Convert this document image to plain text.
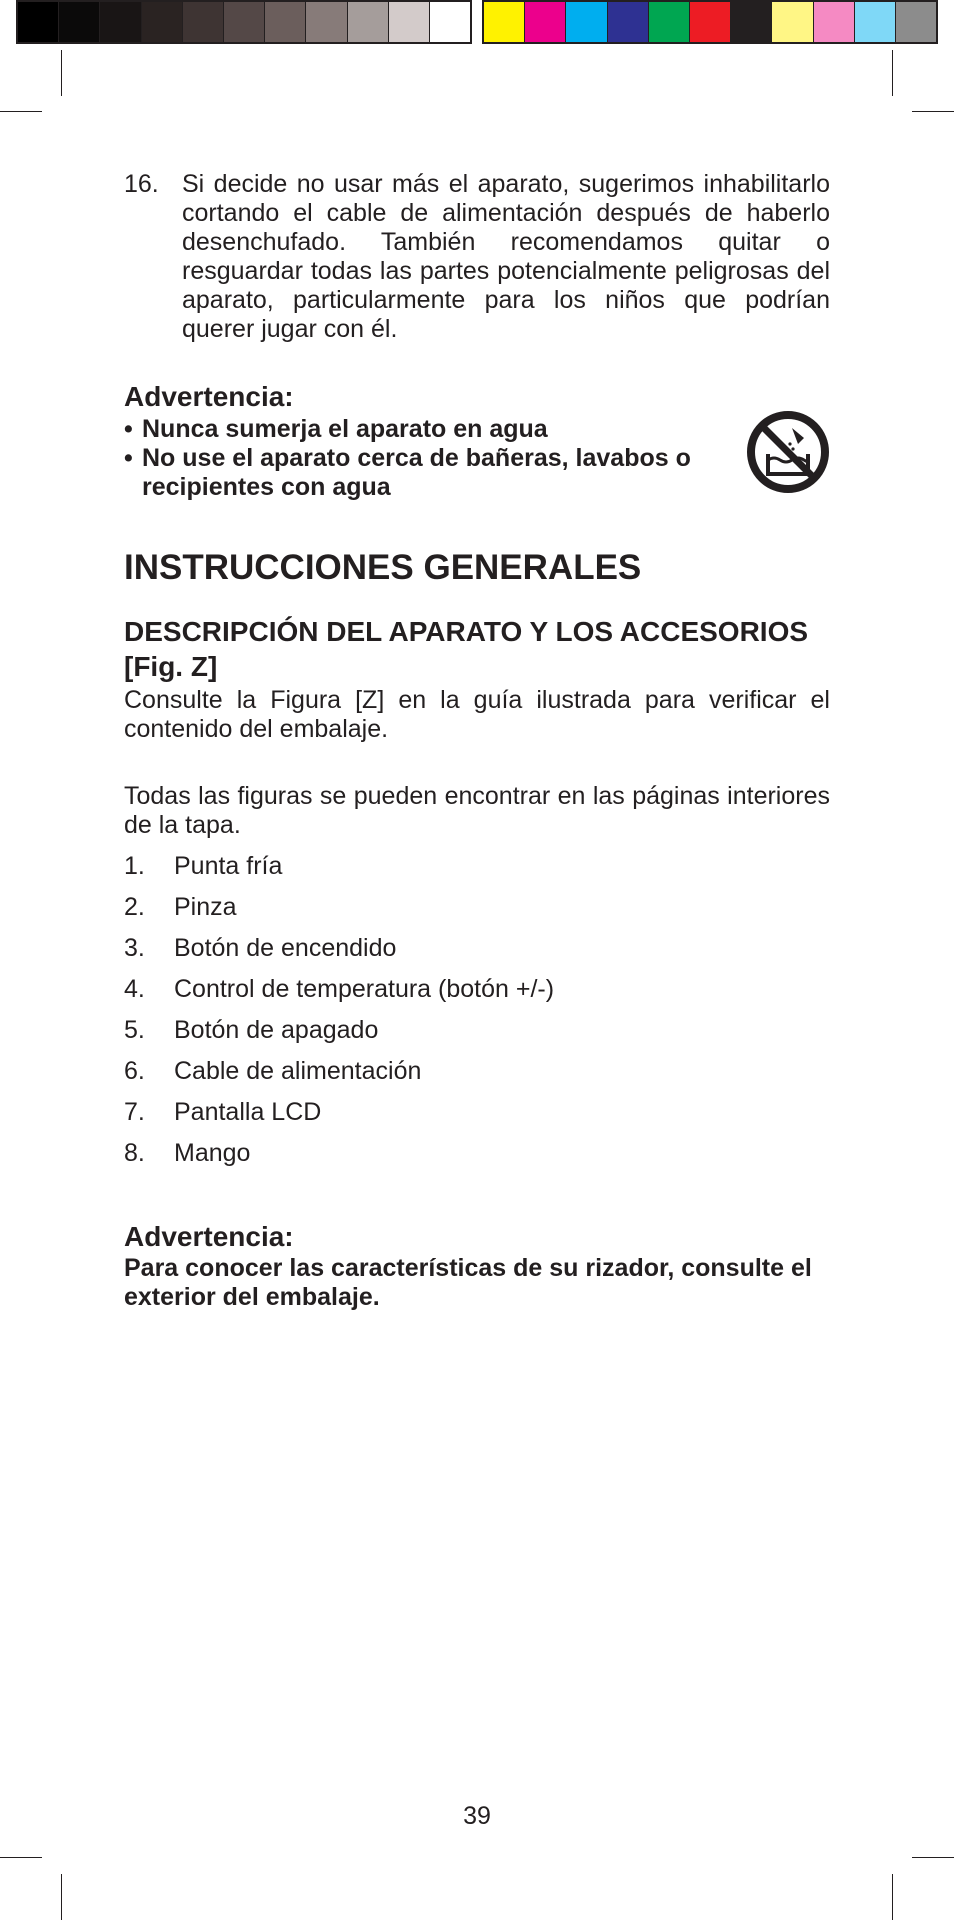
16. Si decide no usar más el aparato, sugerimos inhabilitarlo cortando el cable de alimentación después de haberlo desenchufado. También recomendamos quitar o resguardar todas las partes potencialmente peligrosas del aparato, particularmente para los niños que podrían querer jugar con él.

Advertencia:
• Nunca sumerja el aparato en agua
• No use el aparato cerca de bañeras, lavabos o recipientes con agua
INSTRUCCIONES GENERALES
DESCRIPCIÓN DEL APARATO Y LOS ACCESORIOS [Fig. Z]

Consulte la Figura [Z] en la guía ilustrada para verificar el contenido del embalaje.

Todas las figuras se pueden encontrar en las páginas interiores de la tapa.

1.	Punta fría
2.	Pinza
3.	Botón de encendido
4.	Control de temperatura (botón +/-)
5.	Botón de apagado
6.	Cable de alimentación
7.	Pantalla LCD
8.	Mango
Advertencia:

Para conocer las características de su rizador, consulte el exterior del embalaje.

39
